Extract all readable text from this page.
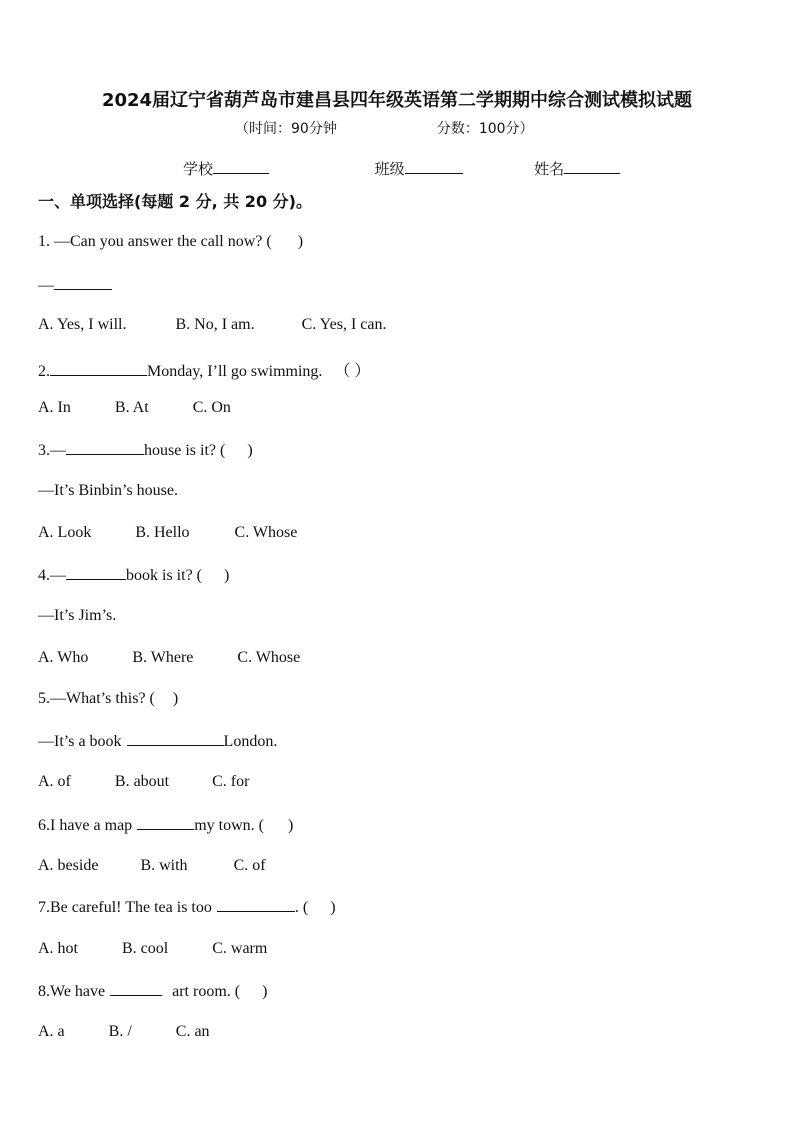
2024届辽宁省葫芦岛市建昌县四年级英语第二学期期中综合测试模拟试题
（时间：90分钟	分数：100分）
学校	班级	姓名
一、单项选择(每题 2 分, 共 20 分)。
1. —Can you answer the call now? ( )
—
A. Yes, I will.	B. No, I am.	C. Yes, I can.
2.	Monday, I’ll go swimming. （ ）
A. In	B. At	C. On
3.—	house is it? ( )
—It’s Binbin’s house.
A. Look	B. Hello	C. Whose
4.—	book is it? ( )
—It’s Jim’s.
A. Who	B. Where	C. Whose
5.—What’s this? ( )
—It’s a book	London.
A. of	B. about	C. for
6.I have a map	my town. ( )
A. beside	B. with	C. of
7.Be careful! The tea is too	. ( )
A. hot	B. cool	C. warm
8.We have	art room. ( )
A. a	B. /	C. an
